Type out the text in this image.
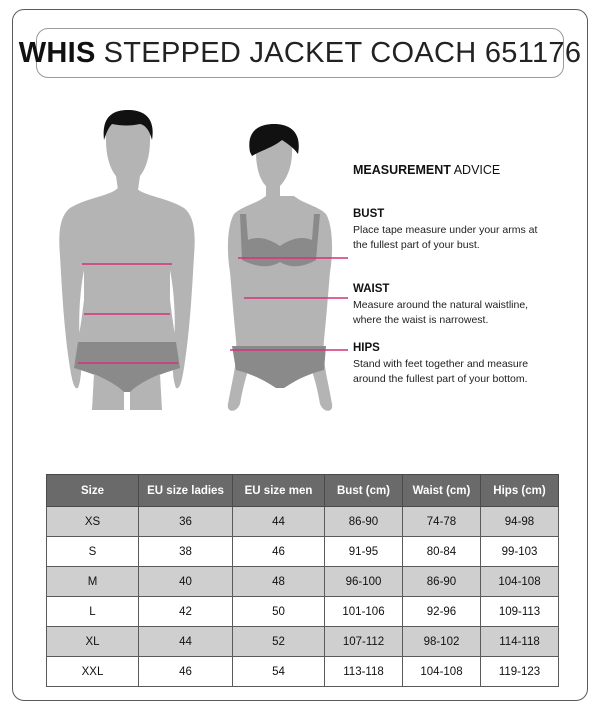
WHIS STEPPED JACKET COACH 651176
MEASUREMENT ADVICE
BUST
Place tape measure under your arms at
the fullest part of your bust.
WAIST
Measure around the natural waistline,
where the waist is narrowest.
HIPS
Stand with feet together and measure
around the fullest part of your bottom.
Size	EU size ladies	EU size men	Bust (cm)	Waist (cm)	Hips (cm)
XS	36	44	86-90	74-78	94-98
S	38	46	91-95	80-84	99-103
M	40	48	96-100	86-90	104-108
L	42	50	101-106	92-96	109-113
XL	44	52	107-112	98-102	114-118
XXL	46	54	113-118	104-108	119-123
